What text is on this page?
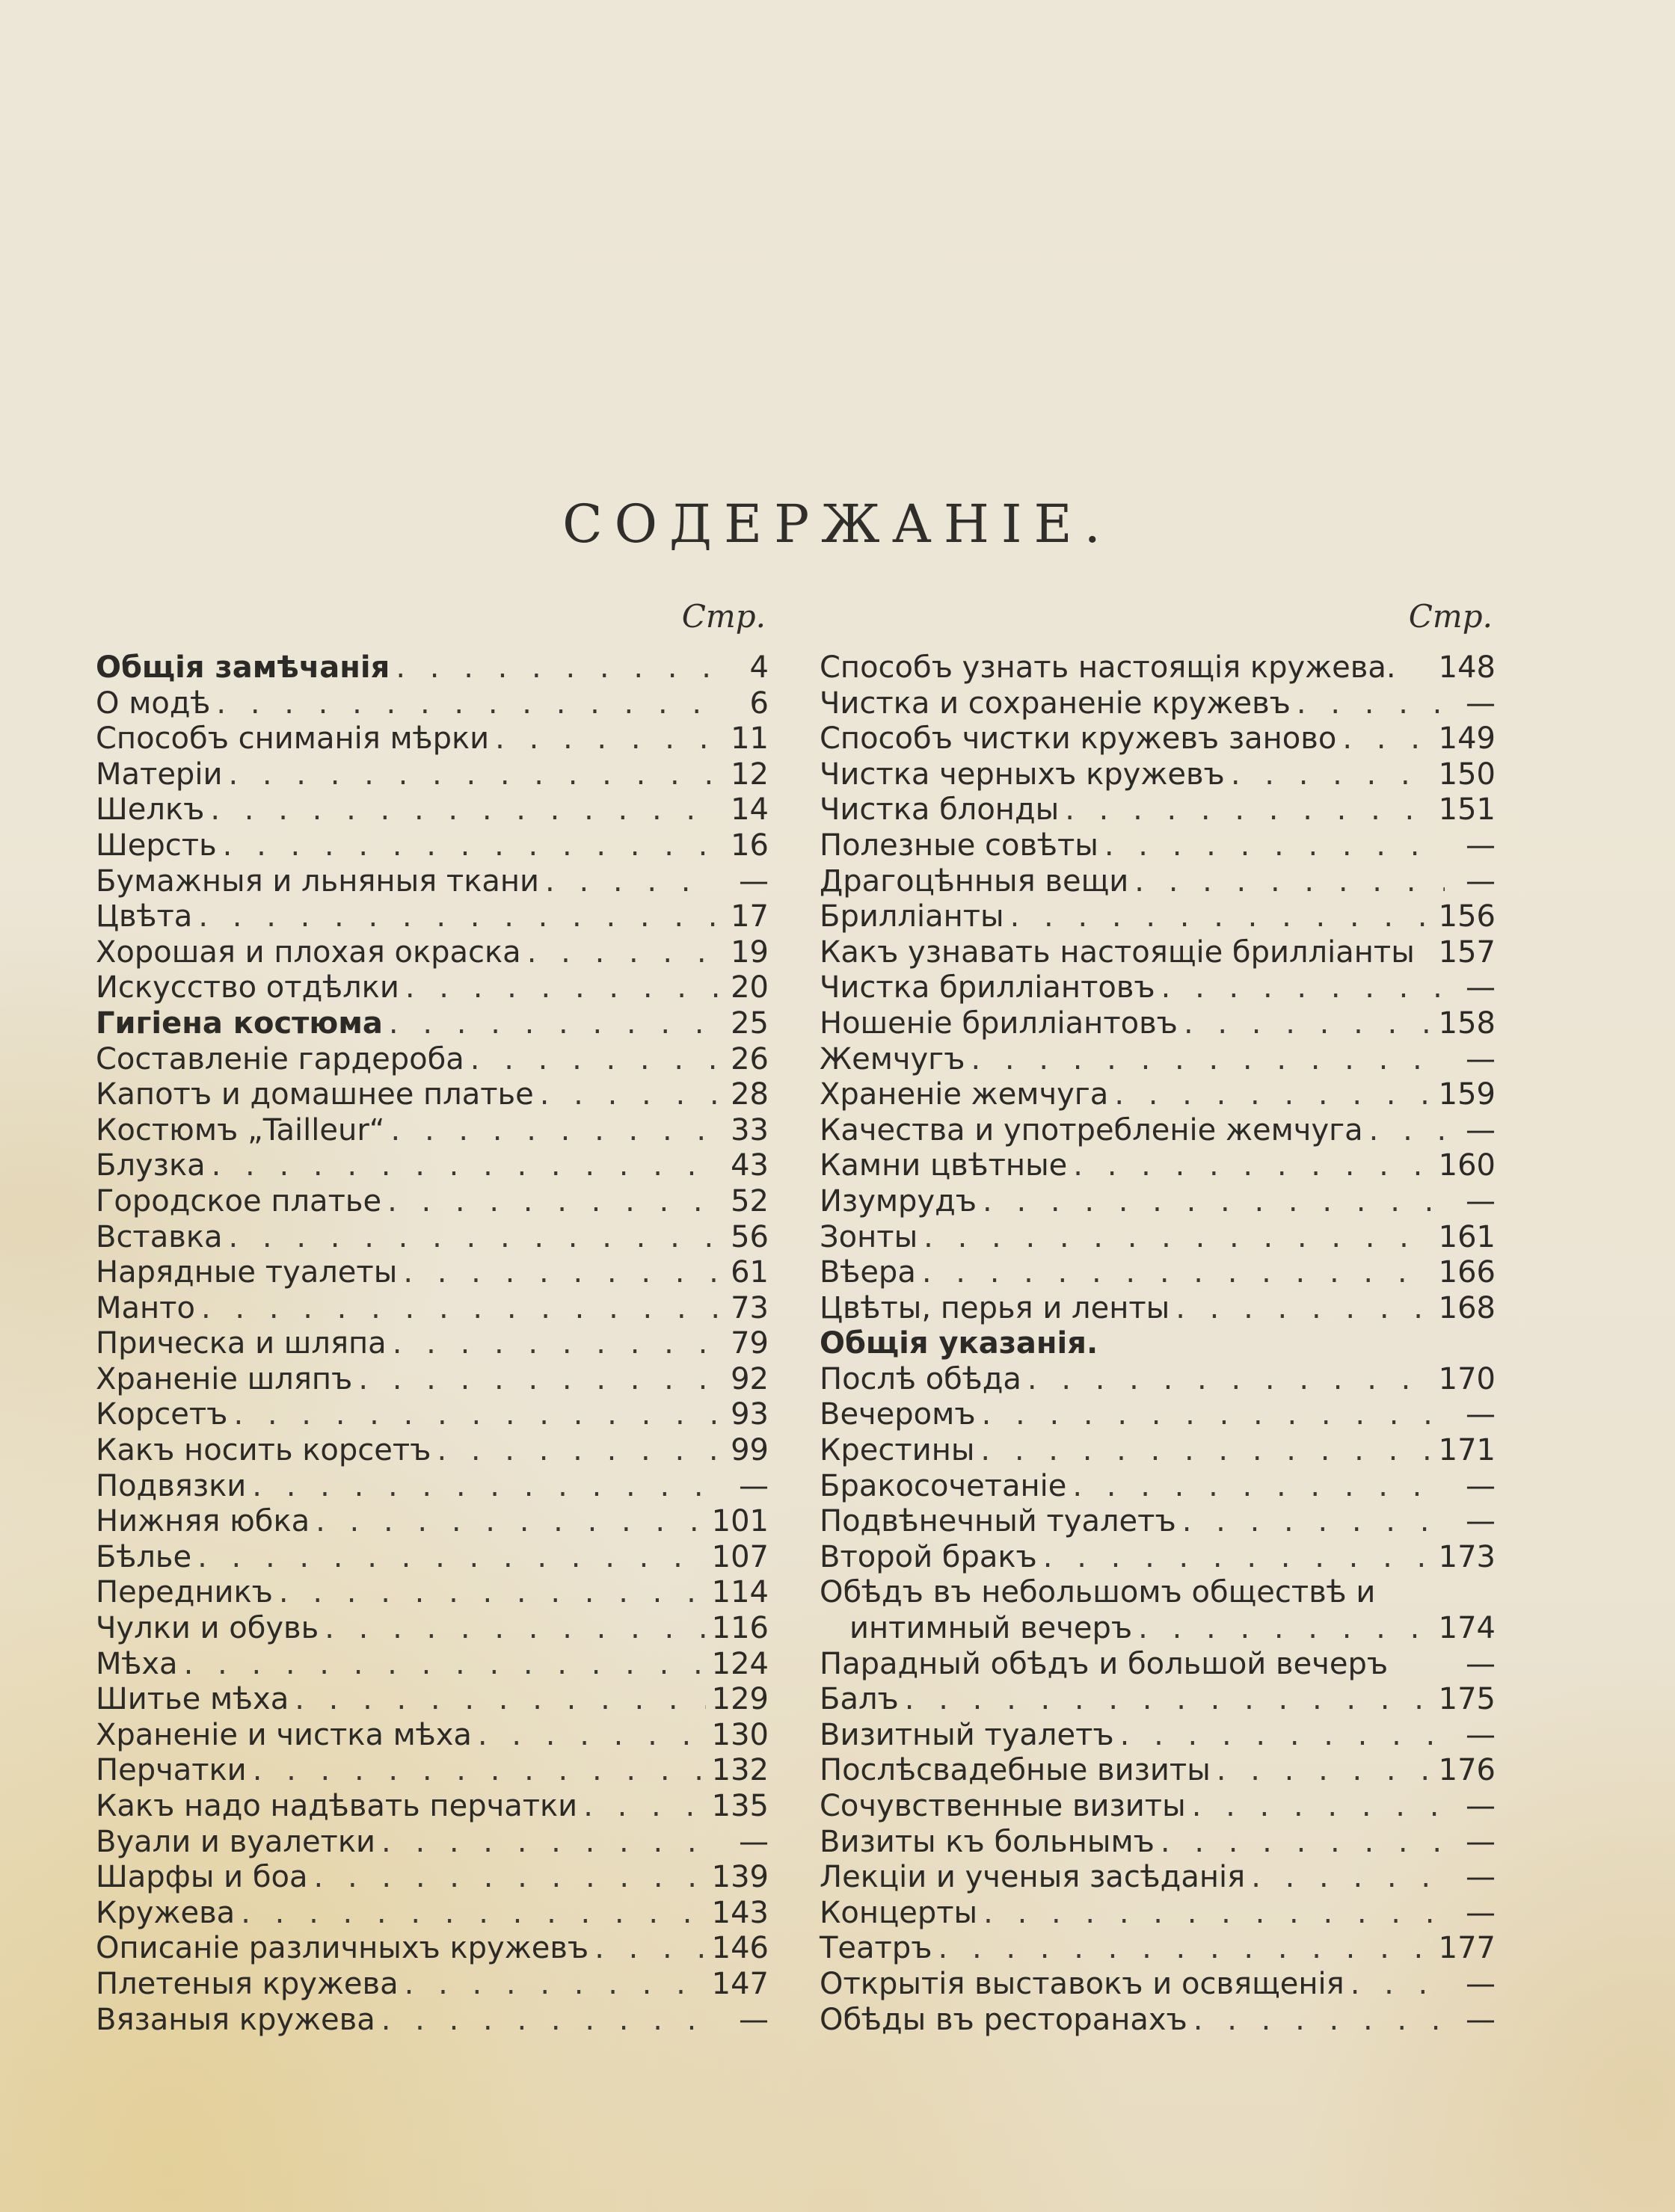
СОДЕРЖАНІЕ.
Стр.
Общія замѣчанія . . .	4
О модѣ . . .	6
Способъ сниманія мѣрки . . .	11
Матеріи . . .	12
Шелкъ . . .	14
Шерсть . . .	16
Бумажныя и льняныя ткани . . .	—
Цвѣта . . .	17
Хорошая и плохая окраска . . .	19
Искусство отдѣлки . . .	20
Гигіена костюма . . .	25
Составленіе гардероба . . .	26
Капотъ и домашнее платье . . .	28
Костюмъ „Tailleur“ . . .	33
Блузка . . .	43
Городское платье . . .	52
Вставка . . .	56
Нарядные туалеты . . .	61
Манто . . .	73
Прическа и шляпа . . .	79
Храненіе шляпъ . . .	92
Корсетъ . . .	93
Какъ носить корсетъ . . .	99
Подвязки . . .	—
Нижняя юбка . . .	101
Бѣлье . . .	107
Передникъ . . .	114
Чулки и обувь . . .	116
Мѣха . . .	124
Шитье мѣха . . .	129
Храненіе и чистка мѣха . . .	130
Перчатки . . .	132
Какъ надо надѣвать перчатки . . .	135
Вуали и вуалетки . . .	—
Шарфы и боа . . .	139
Кружева . . .	143
Описаніе различныхъ кружевъ . . .	146
Плетеныя кружева . . .	147
Вязаныя кружева . . .	—
Стр.
Способъ узнать настоящія кружева. 148
Чистка и сохраненіе кружевъ . . .	—
Способъ чистки кружевъ заново . . .	149
Чистка черныхъ кружевъ . . .	150
Чистка блонды . . .	151
Полезные совѣты . . .	—
Драгоцѣнныя вещи . . .	—
Брилліанты . . .	156
Какъ узнавать настоящіе брилліанты 157
Чистка брилліантовъ . . .	—
Ношеніе брилліантовъ . . .	158
Жемчугъ . . .	—
Храненіе жемчуга . . .	159
Качества и употребленіе жемчуга . . .	—
Камни цвѣтные . . .	160
Изумрудъ . . .	—
Зонты . . .	161
Вѣера . . .	166
Цвѣты, перья и ленты . . .	168
Общія указанія.
Послѣ обѣда . . .	170
Вечеромъ . . .	—
Крестины . . .	171
Бракосочетаніе . . .	—
Подвѣнечный туалетъ . . .	—
Второй бракъ . . .	173
Обѣдъ въ небольшомъ обществѣ и
интимный вечеръ . . .	174
Парадный обѣдъ и большой вечеръ	—
Балъ . . .	175
Визитный туалетъ . . .	—
Послѣсвадебные визиты . . .	176
Сочувственные визиты . . .	—
Визиты къ больнымъ . . .	—
Лекціи и ученыя засѣданія . . .	—
Концерты . . .	—
Театръ . . .	177
Открытія выставокъ и освященія . . .	—
Обѣды въ ресторанахъ . . .	—
